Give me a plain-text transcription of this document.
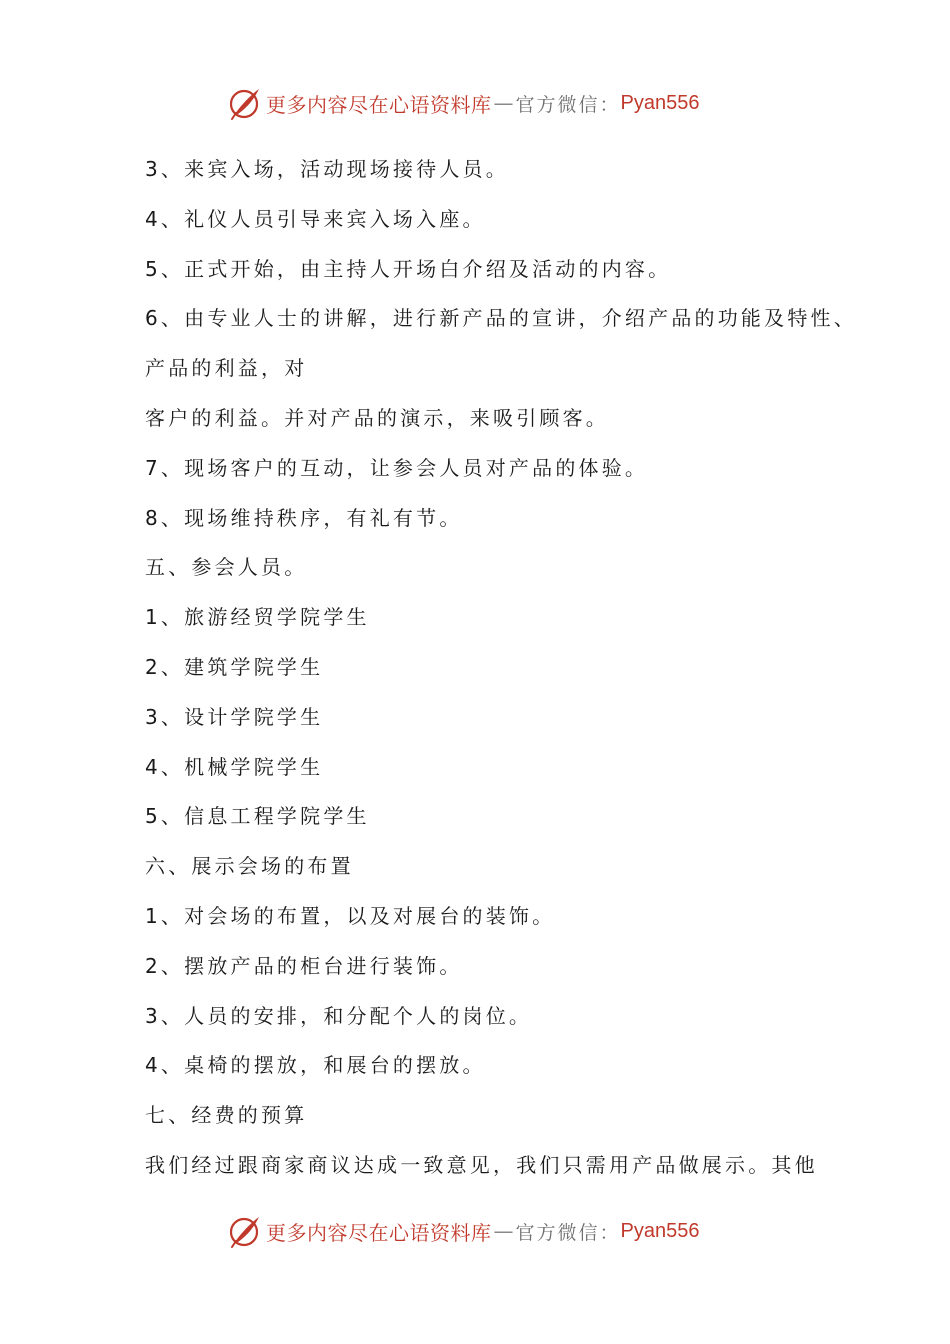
更多内容尽在心语资料库 — 官方微信： Pyan556
3、来宾入场，活动现场接待人员。
4、礼仪人员引导来宾入场入座。
5、正式开始，由主持人开场白介绍及活动的内容。
6、由专业人士的讲解，进行新产品的宣讲，介绍产品的功能及特性、
产品的利益，对
客户的利益。并对产品的演示，来吸引顾客。
7、现场客户的互动，让参会人员对产品的体验。
8、现场维持秩序，有礼有节。
五、参会人员。
1、旅游经贸学院学生
2、建筑学院学生
3、设计学院学生
4、机械学院学生
5、信息工程学院学生
六、展示会场的布置
1、对会场的布置，以及对展台的装饰。
2、摆放产品的柜台进行装饰。
3、人员的安排，和分配个人的岗位。
4、桌椅的摆放，和展台的摆放。
七、经费的预算
我们经过跟商家商议达成一致意见，我们只需用产品做展示。其他
更多内容尽在心语资料库 — 官方微信： Pyan556
